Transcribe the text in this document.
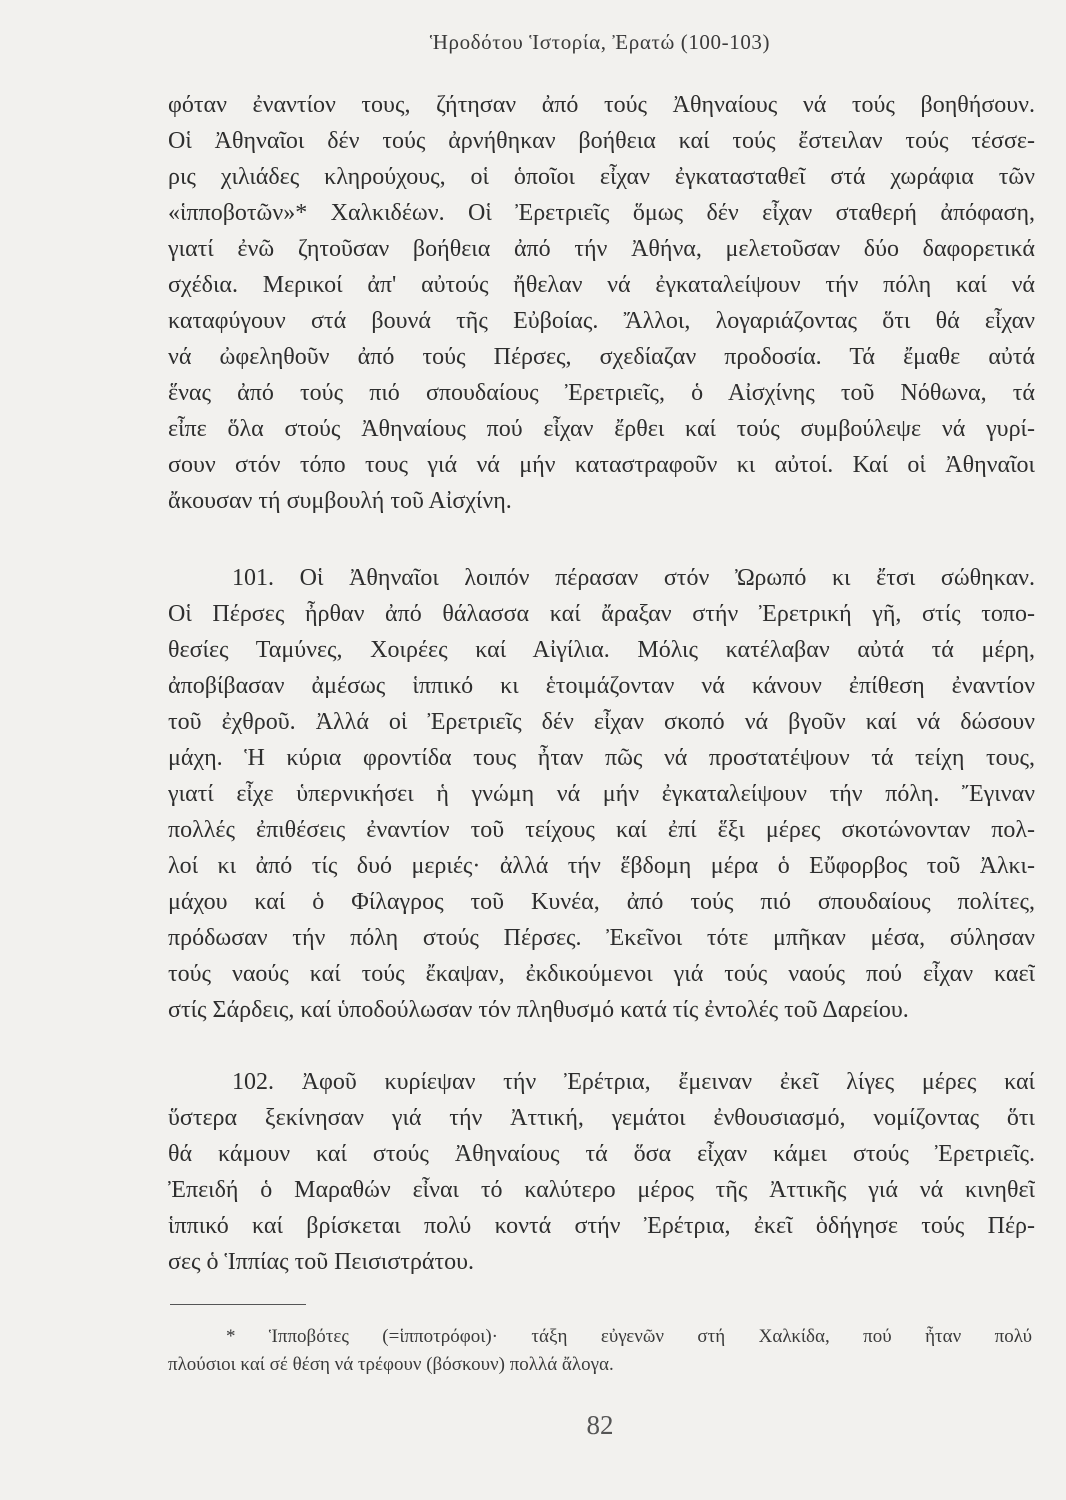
Ἡροδότου Ἱστορία, Ἐρατώ (100-103)
φόταν ἐναντίον τους, ζήτησαν ἀπό τούς Ἀθηναίους νά τούς βοηθήσουν.
Οἱ Ἀθηναῖοι δέν τούς ἀρνήθηκαν βοήθεια καί τούς ἔστειλαν τούς τέσσε-
ρις χιλιάδες κληρούχους, οἱ ὁποῖοι εἶχαν ἐγκατασταθεῖ στά χωράφια τῶν
«ἱπποβοτῶν»* Χαλκιδέων. Οἱ Ἐρετριεῖς ὅμως δέν εἶχαν σταθερή ἀπόφαση,
γιατί ἐνῶ ζητοῦσαν βοήθεια ἀπό τήν Ἀθήνα, μελετοῦσαν δύο δαφορετικά
σχέδια. Μερικοί ἀπ' αὐτούς ἤθελαν νά ἐγκαταλείψουν τήν πόλη καί νά
καταφύγουν στά βουνά τῆς Εὐβοίας. Ἄλλοι, λογαριάζοντας ὅτι θά εἶχαν
νά ὠφεληθοῦν ἀπό τούς Πέρσες, σχεδίαζαν προδοσία. Τά ἔμαθε αὐτά
ἕνας ἀπό τούς πιό σπουδαίους Ἐρετριεῖς, ὁ Αἰσχίνης τοῦ Νόθωνα, τά
εἶπε ὅλα στούς Ἀθηναίους πού εἶχαν ἔρθει καί τούς συμβούλεψε νά γυρί-
σουν στόν τόπο τους γιά νά μήν καταστραφοῦν κι αὐτοί. Καί οἱ Ἀθηναῖοι
ἄκουσαν τή συμβουλή τοῦ Αἰσχίνη.
101. Οἱ Ἀθηναῖοι λοιπόν πέρασαν στόν Ὠρωπό κι ἔτσι σώθηκαν.
Οἱ Πέρσες ἦρθαν ἀπό θάλασσα καί ἄραξαν στήν Ἐρετρική γῆ, στίς τοπο-
θεσίες Ταμύνες, Χοιρέες καί Αἰγίλια. Μόλις κατέλαβαν αὐτά τά μέρη,
ἀποβίβασαν ἀμέσως ἱππικό κι ἑτοιμάζονταν νά κάνουν ἐπίθεση ἐναντίον
τοῦ ἐχθροῦ. Ἀλλά οἱ Ἐρετριεῖς δέν εἶχαν σκοπό νά βγοῦν καί νά δώσουν
μάχη. Ἡ κύρια φροντίδα τους ἦταν πῶς νά προστατέψουν τά τείχη τους,
γιατί εἶχε ὑπερνικήσει ἡ γνώμη νά μήν ἐγκαταλείψουν τήν πόλη. Ἔγιναν
πολλές ἐπιθέσεις ἐναντίον τοῦ τείχους καί ἐπί ἕξι μέρες σκοτώνονταν πολ-
λοί κι ἀπό τίς δυό μεριές· ἀλλά τήν ἕβδομη μέρα ὁ Εὔφορβος τοῦ Ἀλκι-
μάχου καί ὁ Φίλαγρος τοῦ Κυνέα, ἀπό τούς πιό σπουδαίους πολίτες,
πρόδωσαν τήν πόλη στούς Πέρσες. Ἐκεῖνοι τότε μπῆκαν μέσα, σύλησαν
τούς ναούς καί τούς ἔκαψαν, ἐκδικούμενοι γιά τούς ναούς πού εἶχαν καεῖ
στίς Σάρδεις, καί ὑποδούλωσαν τόν πληθυσμό κατά τίς ἐντολές τοῦ Δαρείου.
102. Ἀφοῦ κυρίεψαν τήν Ἐρέτρια, ἔμειναν ἐκεῖ λίγες μέρες καί
ὕστερα ξεκίνησαν γιά τήν Ἀττική, γεμάτοι ἐνθουσιασμό, νομίζοντας ὅτι
θά κάμουν καί στούς Ἀθηναίους τά ὅσα εἶχαν κάμει στούς Ἐρετριεῖς.
Ἐπειδή ὁ Μαραθών εἶναι τό καλύτερο μέρος τῆς Ἀττικῆς γιά νά κινηθεῖ
ἱππικό καί βρίσκεται πολύ κοντά στήν Ἐρέτρια, ἐκεῖ ὁδήγησε τούς Πέρ-
σες ὁ Ἱππίας τοῦ Πεισιστράτου.
* Ἱπποβότες (=ἱπποτρόφοι)· τάξη εὐγενῶν στή Χαλκίδα, πού ἦταν πολύ
πλούσιοι καί σέ θέση νά τρέφουν (βόσκουν) πολλά ἄλογα.
82
